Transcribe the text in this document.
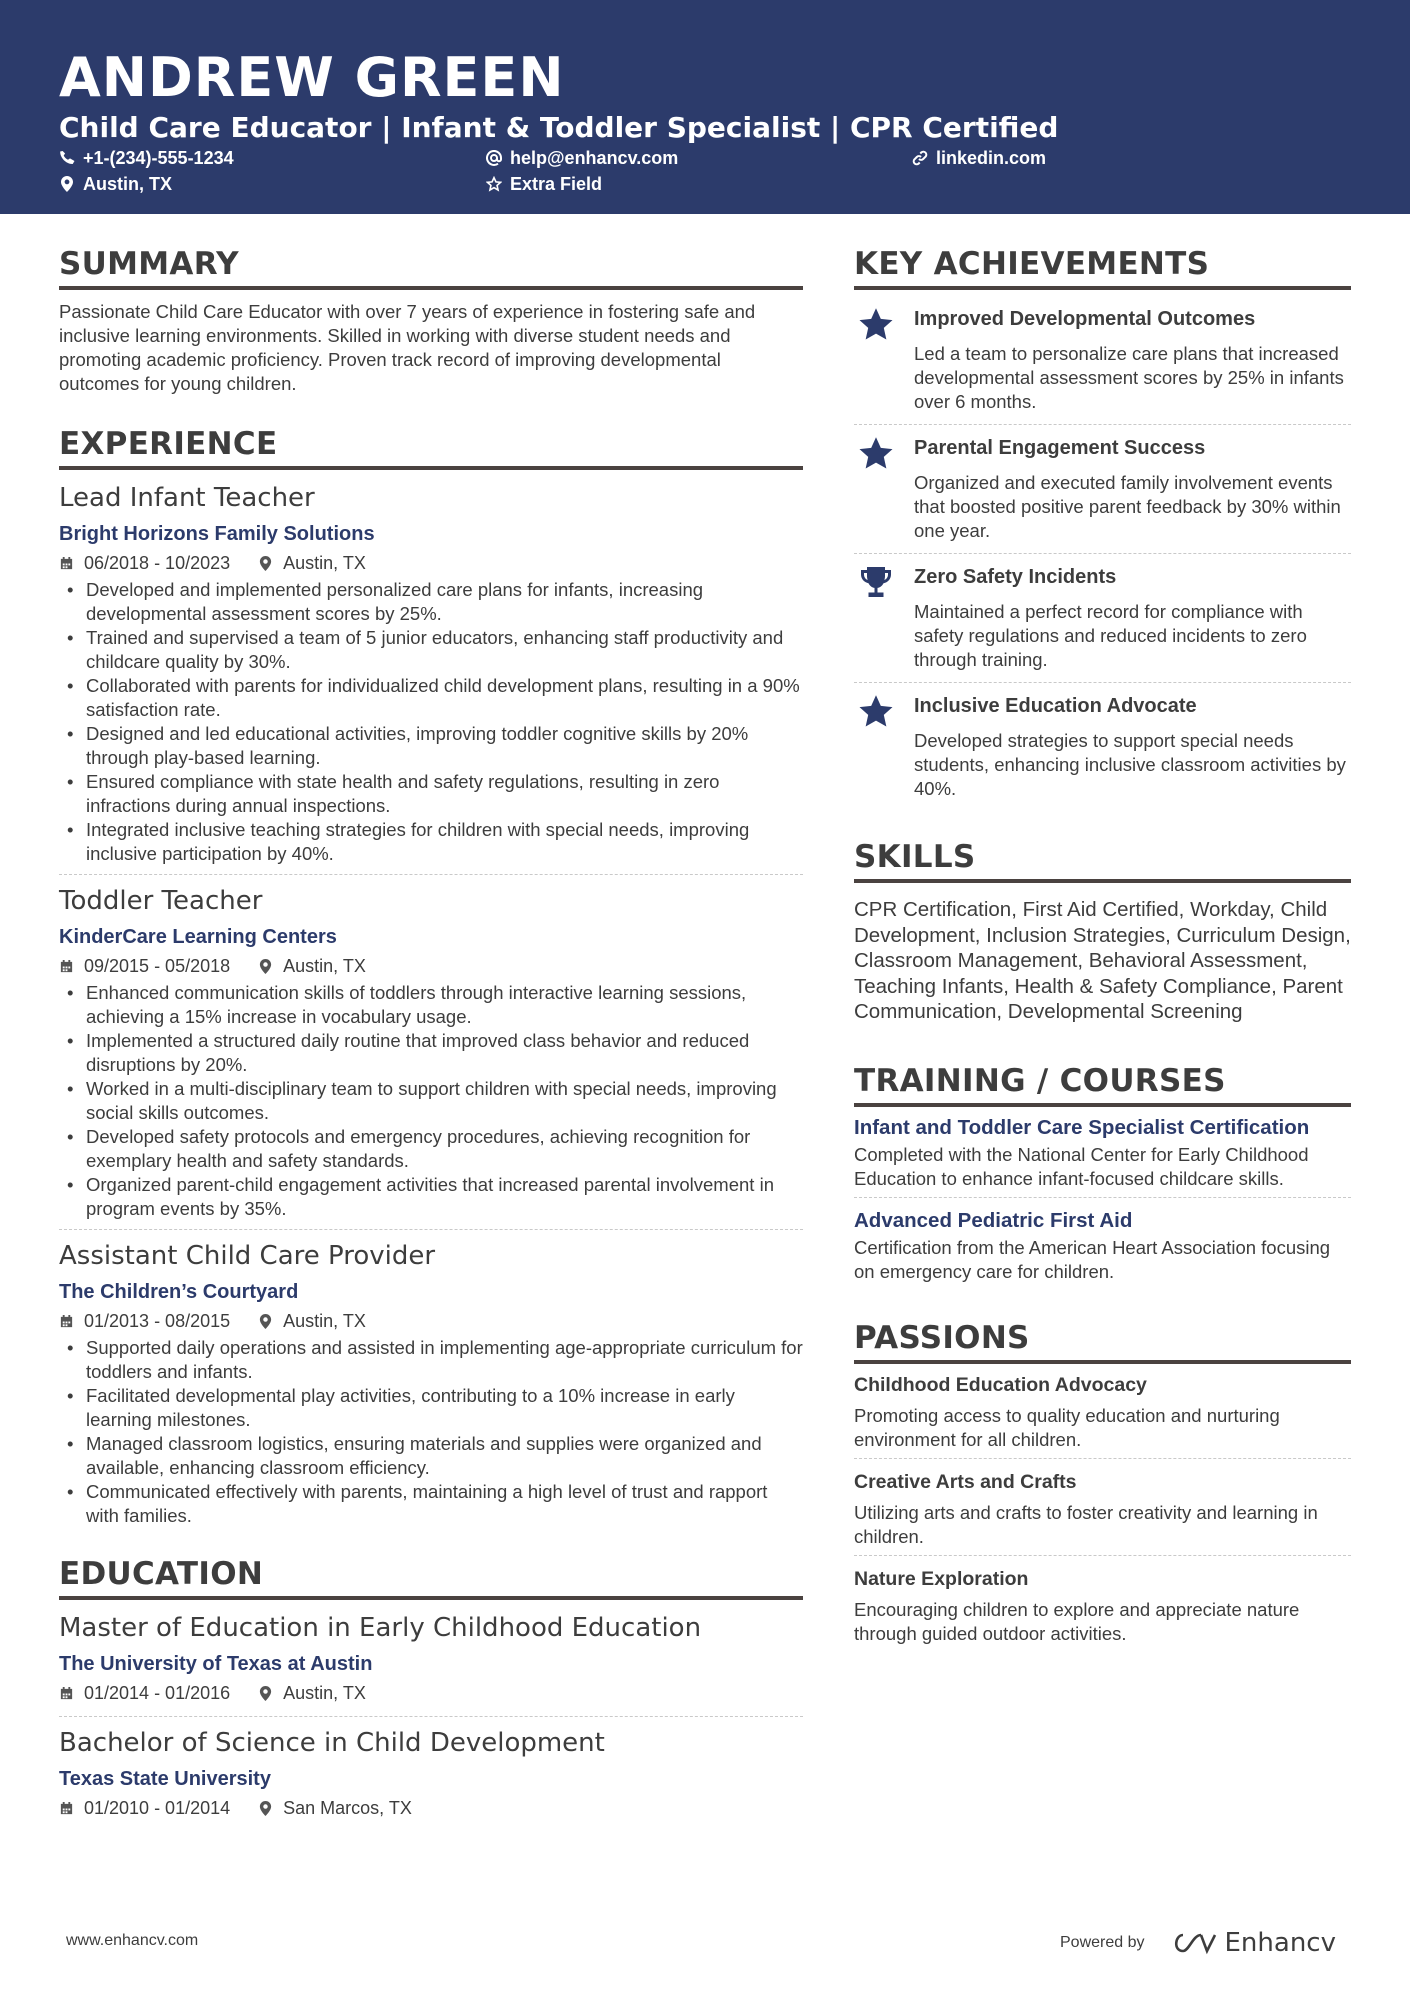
ANDREW GREEN
Child Care Educator | Infant & Toddler Specialist | CPR Certified
+1-(234)-555-1234	help@enhancv.com	linkedin.com
Austin, TX	Extra Field
SUMMARY
Passionate Child Care Educator with over 7 years of experience in fostering safe and inclusive learning environments. Skilled in working with diverse student needs and promoting academic proficiency. Proven track record of improving developmental outcomes for young children.
EXPERIENCE
Lead Infant Teacher
Bright Horizons Family Solutions
06/2018 - 10/2023	Austin, TX
• Developed and implemented personalized care plans for infants, increasing developmental assessment scores by 25%.
• Trained and supervised a team of 5 junior educators, enhancing staff productivity and childcare quality by 30%.
• Collaborated with parents for individualized child development plans, resulting in a 90% satisfaction rate.
• Designed and led educational activities, improving toddler cognitive skills by 20% through play-based learning.
• Ensured compliance with state health and safety regulations, resulting in zero infractions during annual inspections.
• Integrated inclusive teaching strategies for children with special needs, improving inclusive participation by 40%.
Toddler Teacher
KinderCare Learning Centers
09/2015 - 05/2018	Austin, TX
• Enhanced communication skills of toddlers through interactive learning sessions, achieving a 15% increase in vocabulary usage.
• Implemented a structured daily routine that improved class behavior and reduced disruptions by 20%.
• Worked in a multi-disciplinary team to support children with special needs, improving social skills outcomes.
• Developed safety protocols and emergency procedures, achieving recognition for exemplary health and safety standards.
• Organized parent-child engagement activities that increased parental involvement in program events by 35%.
Assistant Child Care Provider
The Children’s Courtyard
01/2013 - 08/2015	Austin, TX
• Supported daily operations and assisted in implementing age-appropriate curriculum for toddlers and infants.
• Facilitated developmental play activities, contributing to a 10% increase in early learning milestones.
• Managed classroom logistics, ensuring materials and supplies were organized and available, enhancing classroom efficiency.
• Communicated effectively with parents, maintaining a high level of trust and rapport with families.
EDUCATION
Master of Education in Early Childhood Education
The University of Texas at Austin
01/2014 - 01/2016	Austin, TX
Bachelor of Science in Child Development
Texas State University
01/2010 - 01/2014	San Marcos, TX
KEY ACHIEVEMENTS
Improved Developmental Outcomes
Led a team to personalize care plans that increased developmental assessment scores by 25% in infants over 6 months.
Parental Engagement Success
Organized and executed family involvement events that boosted positive parent feedback by 30% within one year.
Zero Safety Incidents
Maintained a perfect record for compliance with safety regulations and reduced incidents to zero through training.
Inclusive Education Advocate
Developed strategies to support special needs students, enhancing inclusive classroom activities by 40%.
SKILLS
CPR Certification, First Aid Certified, Workday, Child Development, Inclusion Strategies, Curriculum Design, Classroom Management, Behavioral Assessment, Teaching Infants, Health & Safety Compliance, Parent Communication, Developmental Screening
TRAINING / COURSES
Infant and Toddler Care Specialist Certification
Completed with the National Center for Early Childhood Education to enhance infant-focused childcare skills.
Advanced Pediatric First Aid
Certification from the American Heart Association focusing on emergency care for children.
PASSIONS
Childhood Education Advocacy
Promoting access to quality education and nurturing environment for all children.
Creative Arts and Crafts
Utilizing arts and crafts to foster creativity and learning in children.
Nature Exploration
Encouraging children to explore and appreciate nature through guided outdoor activities.
www.enhancv.com	Powered by	Enhancv
